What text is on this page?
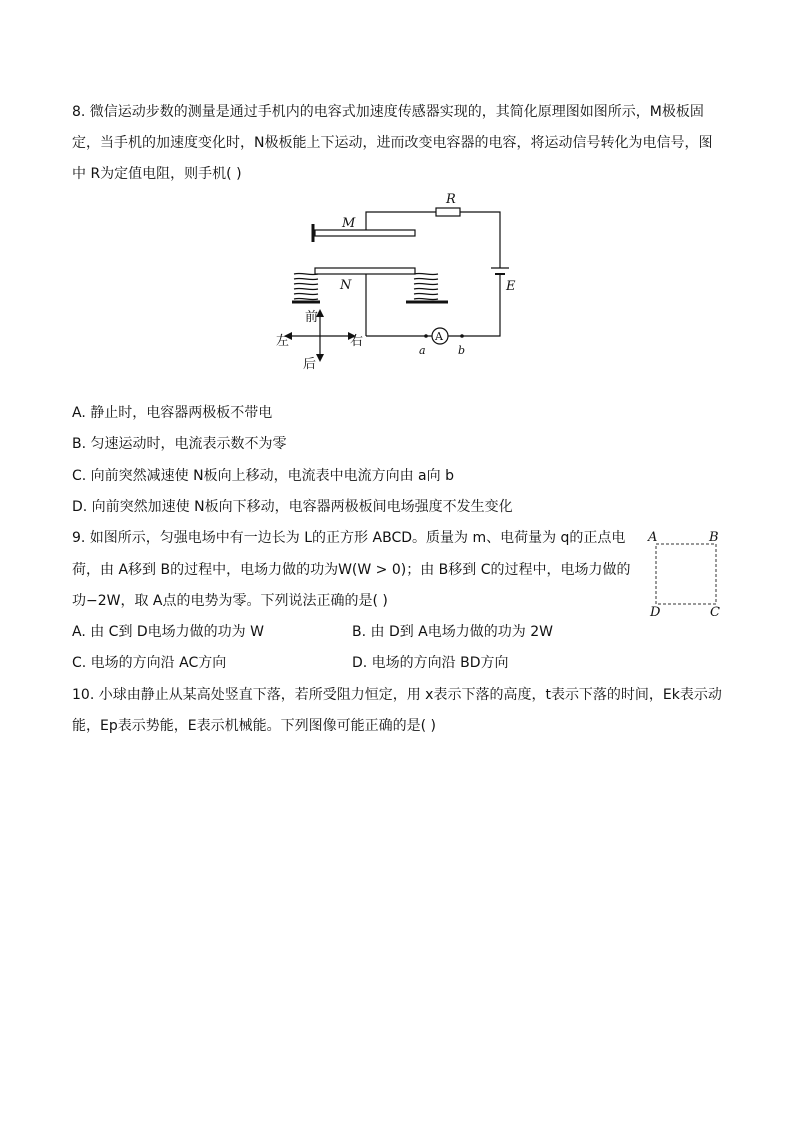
8. 微信运动步数的测量是通过手机内的电容式加速度传感器实现的，其简化原理图如图所示，M极板固
定，当手机的加速度变化时，N极板能上下运动，进而改变电容器的电容，将运动信号转化为电信号，图
中 R为定值电阻，则手机( )
M
R
E
N
A
a	b
前
后
左	右
A. 静止时，电容器两极板不带电
B. 匀速运动时，电流表示数不为零
C. 向前突然减速使 N板向上移动，电流表中电流方向由 a向 b
D. 向前突然加速使 N板向下移动，电容器两极板间电场强度不发生变化
9. 如图所示，匀强电场中有一边长为 L的正方形 ABCD。质量为 m、电荷量为 q的正点电
荷，由 A移到 B的过程中，电场力做的功为W(W > 0)；由 B移到 C的过程中，电场力做的
功−2W，取 A点的电势为零。下列说法正确的是( )
A	B
C
D
A. 由 C到 D电场力做的功为 W	B. 由 D到 A电场力做的功为 2W
C. 电场的方向沿 AC方向	D. 电场的方向沿 BD方向
10. 小球由静止从某高处竖直下落，若所受阻力恒定，用 x表示下落的高度，t表示下落的时间，Ek表示动
能，Ep表示势能，E表示机械能。下列图像可能正确的是( )
